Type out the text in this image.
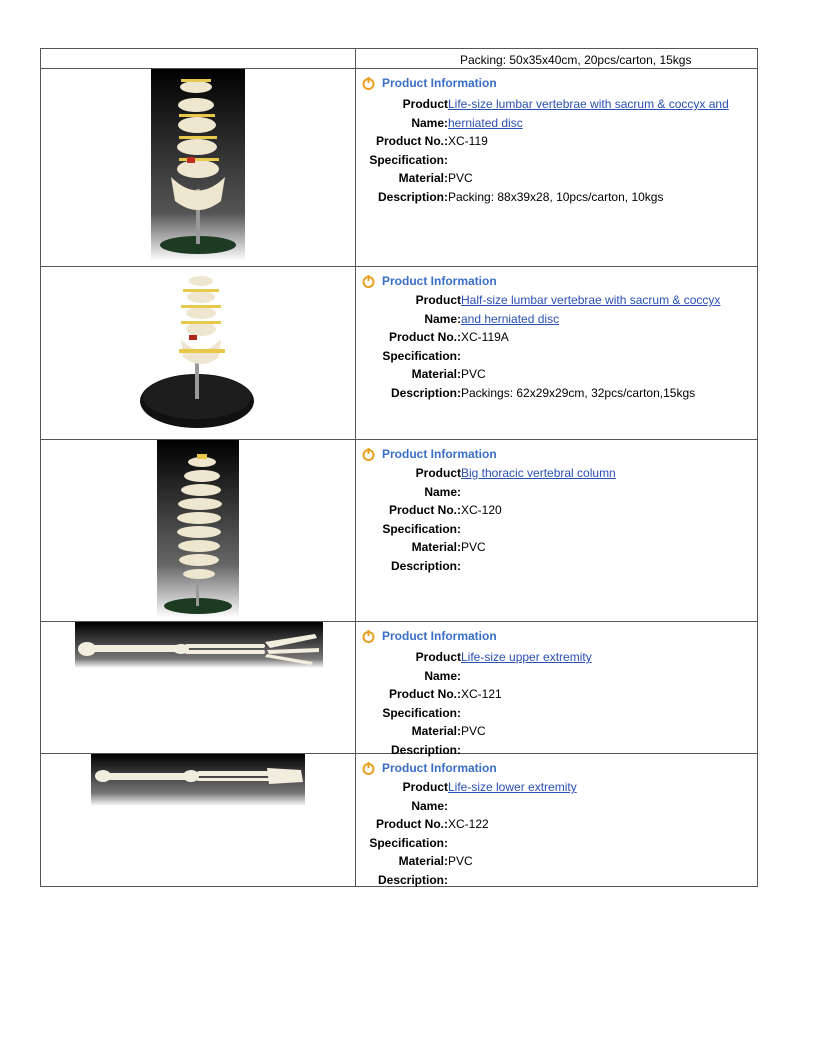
Packing: 50x35x40cm, 20pcs/carton, 15kgs
Product Information
Product Life-size lumbar vertebrae with sacrum & coccyx and
Name: herniated disc
Product No.: XC-119
Specification:
Material: PVC
Description: Packing: 88x39x28, 10pcs/carton, 10kgs
Product Information
Product Half-size lumbar vertebrae with sacrum & coccyx
Name: and herniated disc
Product No.: XC-119A
Specification:
Material: PVC
Description: Packings: 62x29x29cm, 32pcs/carton,15kgs
Product Information
Product Big thoracic vertebral column
Name:
Product No.: XC-120
Specification:
Material: PVC
Description:
Product Information
Product Life-size upper extremity
Name:
Product No.: XC-121
Specification:
Material: PVC
Description:
Product Information
Product Life-size lower extremity
Name:
Product No.: XC-122
Specification:
Material: PVC
Description:
